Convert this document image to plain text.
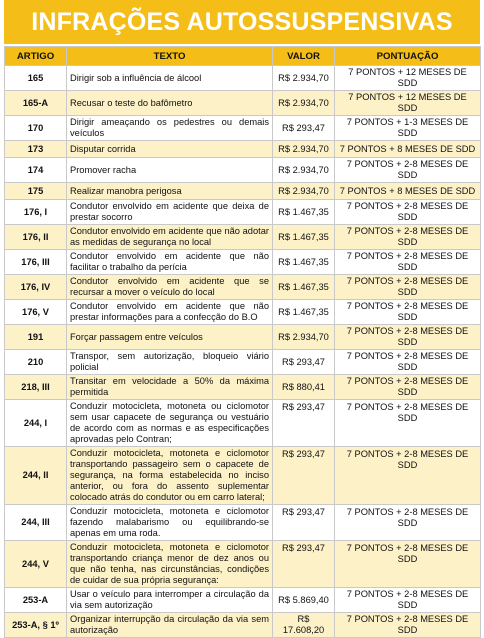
INFRAÇÕES AUTOSSUSPENSIVAS
ARTIGO	TEXTO	VALOR	PONTUAÇÃO
165	Dirigir sob a influência de álcool	R$ 2.934,70	7 PONTOS + 12 MESES DE SDD
165-A	Recusar o teste do bafômetro	R$ 2.934,70	7 PONTOS + 12 MESES DE SDD
170	Dirigir ameaçando os pedestres ou demais veículos	R$ 293,47	7 PONTOS + 1-3 MESES DE SDD
173	Disputar corrida	R$ 2.934,70	7 PONTOS + 8 MESES DE SDD
174	Promover racha	R$ 2.934,70	7 PONTOS + 2-8 MESES DE SDD
175	Realizar manobra perigosa	R$ 2.934,70	7 PONTOS + 8 MESES DE SDD
176, I	Condutor envolvido em acidente que deixa de prestar socorro	R$ 1.467,35	7 PONTOS + 2-8 MESES DE SDD
176, II	Condutor envolvido em acidente que não adotar as medidas de segurança no local	R$ 1.467,35	7 PONTOS + 2-8 MESES DE SDD
176, III	Condutor envolvido em acidente que não facilitar o trabalho da perícia	R$ 1.467,35	7 PONTOS + 2-8 MESES DE SDD
176, IV	Condutor envolvido em acidente que se recursar a mover o veículo do local	R$ 1.467,35	7 PONTOS + 2-8 MESES DE SDD
176, V	Condutor envolvido em acidente que não prestar informações para a confecção do B.O	R$ 1.467,35	7 PONTOS + 2-8 MESES DE SDD
191	Forçar passagem entre veículos	R$ 2.934,70	7 PONTOS + 2-8 MESES DE SDD
210	Transpor, sem autorização, bloqueio viário policial	R$ 293,47	7 PONTOS + 2-8 MESES DE SDD
218, III	Transitar em velocidade a 50% da máxima permitida	R$ 880,41	7 PONTOS + 2-8 MESES DE SDD
244, I	Conduzir motocicleta, motoneta ou ciclomotor sem usar capacete de segurança ou vestuário de acordo com as normas e as especificações aprovadas pelo Contran;	R$ 293,47	7 PONTOS + 2-8 MESES DE SDD
244, II	Conduzir motocicleta, motoneta e ciclomotor transportando passageiro sem o capacete de segurança, na forma estabelecida no inciso anterior, ou fora do assento suplementar colocado atrás do condutor ou em carro lateral;	R$ 293,47	7 PONTOS + 2-8 MESES DE SDD
244, III	Conduzir motocicleta, motoneta e ciclomotor fazendo malabarismo ou equilibrando-se apenas em uma roda.	R$ 293,47	7 PONTOS + 2-8 MESES DE SDD
244, V	Conduzir motocicleta, motoneta e ciclomotor transportando criança menor de dez anos ou que não tenha, nas circunstâncias, condições de cuidar de sua própria segurança:	R$ 293,47	7 PONTOS + 2-8 MESES DE SDD
253-A	Usar o veículo para interromper a circulação da via sem autorização	R$ 5.869,40	7 PONTOS + 2-8 MESES DE SDD
253-A, § 1º	Organizar interrupção da circulação da via sem autorização	R$ 17.608,20	7 PONTOS + 2-8 MESES DE SDD
